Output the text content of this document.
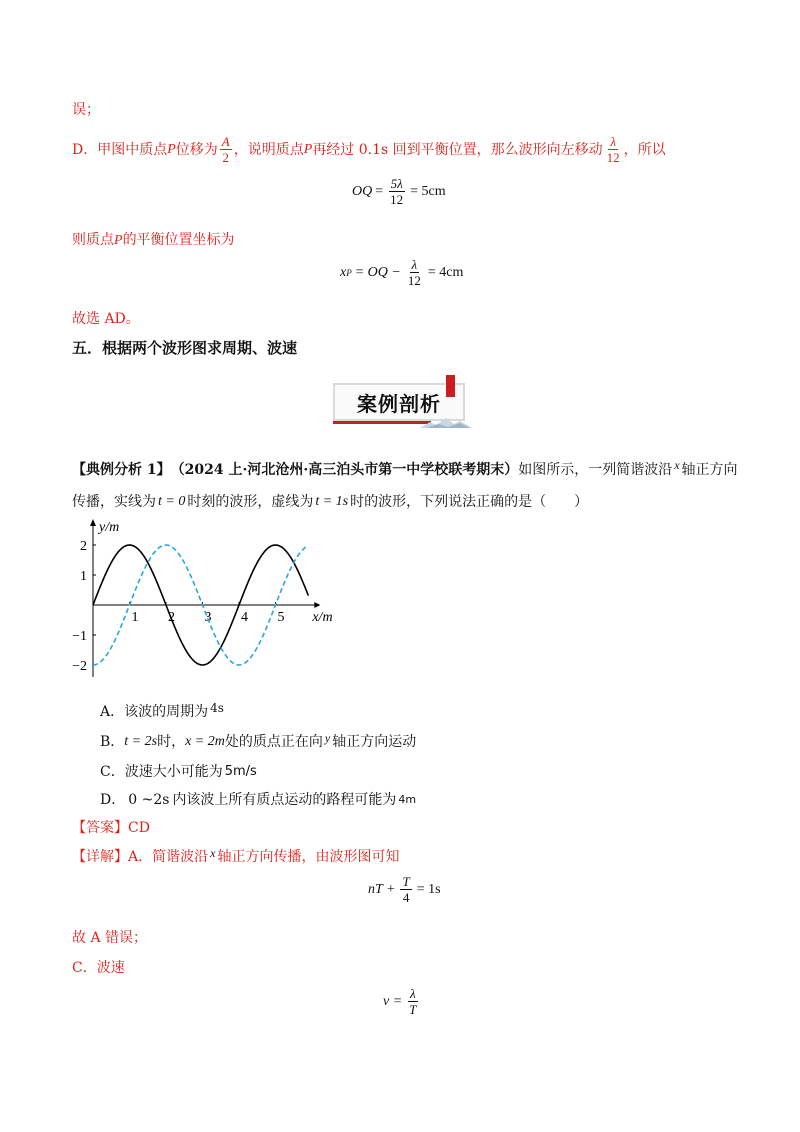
误；
D．甲图中质点 P 位移为 $\frac{A}{2}$ ，说明质点 P 再经过 0.1s 回到平衡位置，那么波形向左移动 $\frac{\lambda}{12}$ ，所以
OQ = $\frac{5\lambda}{12} = 5cm$
则质点P的平衡位置坐标为
x P = OQ − $\frac{\lambda}{12} = 4cm$
故选 AD。
五．根据两个波形图求周期、波速
案例剖析
【典例分析 1】 （2024 上·河北沧州·高三泊头市第一中学校联考期末） 如图所示，一列简谐波沿 x 轴正方向
传播，实线为 t = 0 时刻的波形，虚线为 t = 1s 时的波形，下列说法正确的是（　　）
y/m
x/m
1 2 3 4 5
2
1
−1
−2
A． 该波的周期为 4s
B． t = 2s 时， x = 2m 处的质点正在向 y 轴正方向运动
C． 波速大小可能为 5m/s
D． 0 ~2s 内该波上所有质点运动的路程可能为 4m
【答案】CD
【详解】 A．简谐波沿 x 轴正方向传播，由波形图可知
nT + $\frac{T}{4} = 1s$
故 A 错误；
C．波速
$v = \frac{\lambda}{T}$
